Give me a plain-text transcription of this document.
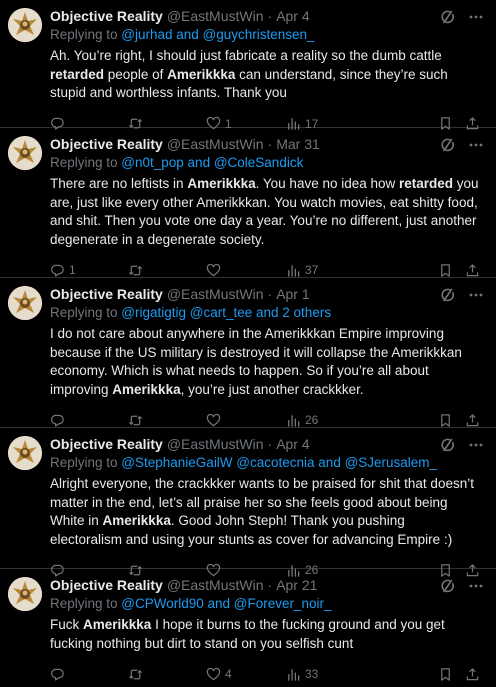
Objective Reality @EastMustWin · Apr 4
Replying to @jurhad and @guychristensen_
Ah. You’re right, I should just fabricate a reality so the dumb cattle retarded people of Amerikkka can understand, since they’re such stupid and worthless infants. Thank you
1	17
Objective Reality @EastMustWin · Mar 31
Replying to @n0t_pop and @ColeSandick
There are no leftists in Amerikkka. You have no idea how retarded you are, just like every other Amerikkkan. You watch movies, eat shitty food, and shit. Then you vote one day a year. You’re no different, just another degenerate in a degenerate society.
1	37
Objective Reality @EastMustWin · Apr 1
Replying to @rigatigtig @cart_tee and 2 others
I do not care about anywhere in the Amerikkkan Empire improving because if the US military is destroyed it will collapse the Amerikkkan economy. Which is what needs to happen. So if you’re all about improving Amerikkka, you’re just another crackkker.
26
Objective Reality @EastMustWin · Apr 4
Replying to @StephanieGailW @cacotecnia and @SJerusalem_
Alright everyone, the crackkker wants to be praised for shit that doesn’t matter in the end, let’s all praise her so she feels good about being White in Amerikkka. Good John Steph! Thank you pushing electoralism and using your stunts as cover for advancing Empire :)
26
Objective Reality @EastMustWin · Apr 21
Replying to @CPWorld90 and @Forever_noir_
Fuck Amerikkka I hope it burns to the fucking ground and you get fucking nothing but dirt to stand on you selfish cunt
4	33
